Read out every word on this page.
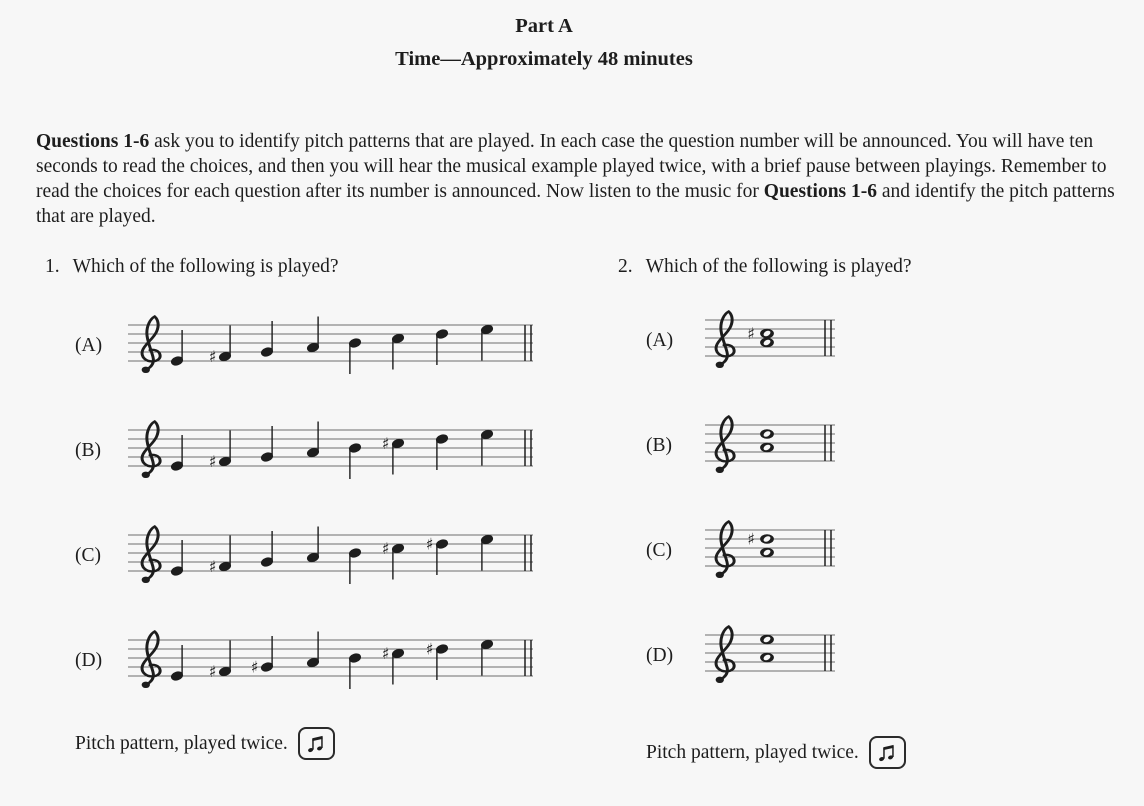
Part A
Time—Approximately 48 minutes

Questions 1-6 ask you to identify pitch patterns that are played. In each case the question number will be announced. You will have ten seconds to read the choices, and then you will hear the musical example played twice, with a brief pause between playings. Remember to read the choices for each question after its number is announced. Now listen to the music for Questions 1-6 and identify the pitch patterns that are played.

1. Which of the following is played?
(A)
♯
(B)
♯
♯
(C)
♯
♯ ♯
(D)
♯ ♯
♯ ♯
Pitch pattern, played twice.
2. Which of the following is played?
(A)	♯
(B)
(C)
♯
(D)
Pitch pattern, played twice.
